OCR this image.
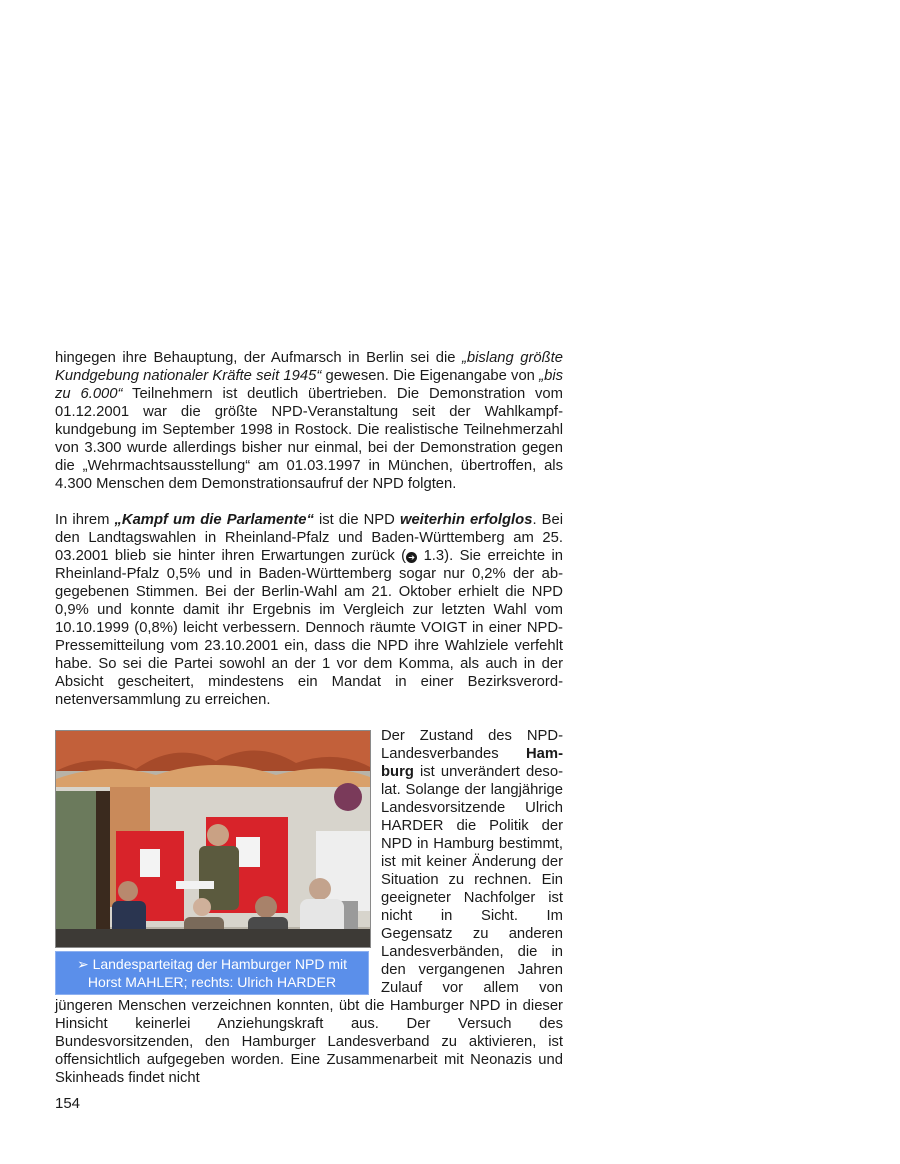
hingegen ihre Behauptung, der Aufmarsch in Berlin sei die „bislang größte Kundgebung nationaler Kräfte seit 1945“ gewesen. Die Eigenangabe von „bis zu 6.000“ Teilnehmern ist deutlich übertrieben. Die Demonstration vom 01.12.2001 war die größte NPD-Veranstaltung seit der Wahlkampfkundgebung im September 1998 in Rostock. Die realistische Teilnehmerzahl von 3.300 wurde allerdings bisher nur einmal, bei der Demonstration gegen die „Wehrmachtsausstellung“ am 01.03.1997 in München, übertroffen, als 4.300 Menschen dem Demonstrationsaufruf der NPD folgten.

In ihrem „Kampf um die Parlamente“ ist die NPD weiterhin erfolglos. Bei den Landtagswahlen in Rheinland-Pfalz und Baden-Württemberg am 25. 03.2001 blieb sie hinter ihren Erwartungen zurück ( ➔ 1.3). Sie erreichte in Rheinland-Pfalz 0,5% und in Baden-Württemberg sogar nur 0,2% der abgegebenen Stimmen. Bei der Berlin-Wahl am 21. Oktober erhielt die NPD 0,9% und konnte damit ihr Ergebnis im Vergleich zur letzten Wahl vom 10.10.1999 (0,8%) leicht verbessern. Dennoch räumte VOIGT in einer NPD-Pressemitteilung vom 23.10.2001 ein, dass die NPD ihre Wahlziele verfehlt habe. So sei die Partei sowohl an der 1 vor dem Komma, als auch in der Absicht gescheitert, mindestens ein Mandat in einer Bezirksverordnetenversammlung zu erreichen.

➢ Landesparteitag der Hamburger NPD mit
Horst MAHLER; rechts: Ulrich HARDER

Der Zustand des NPD-Landesverbandes Hamburg ist unverändert desolat. Solange der langjährige Landesvorsitzende Ulrich HARDER die Politik der NPD in Hamburg bestimmt, ist mit keiner Änderung der Situation zu rechnen. Ein geeigneter Nachfolger ist nicht in Sicht. Im Gegensatz zu anderen Landesverbänden, die in den vergangenen Jahren Zulauf vor allem von jüngeren Menschen verzeichnen konnten, übt die Hamburger NPD in dieser Hinsicht keinerlei Anziehungskraft aus. Der Versuch des Bundesvorsitzenden, den Hamburger Landesverband zu aktivieren, ist offensichtlich aufgegeben worden. Eine Zusammenarbeit mit Neonazis und Skinheads findet nicht

154
